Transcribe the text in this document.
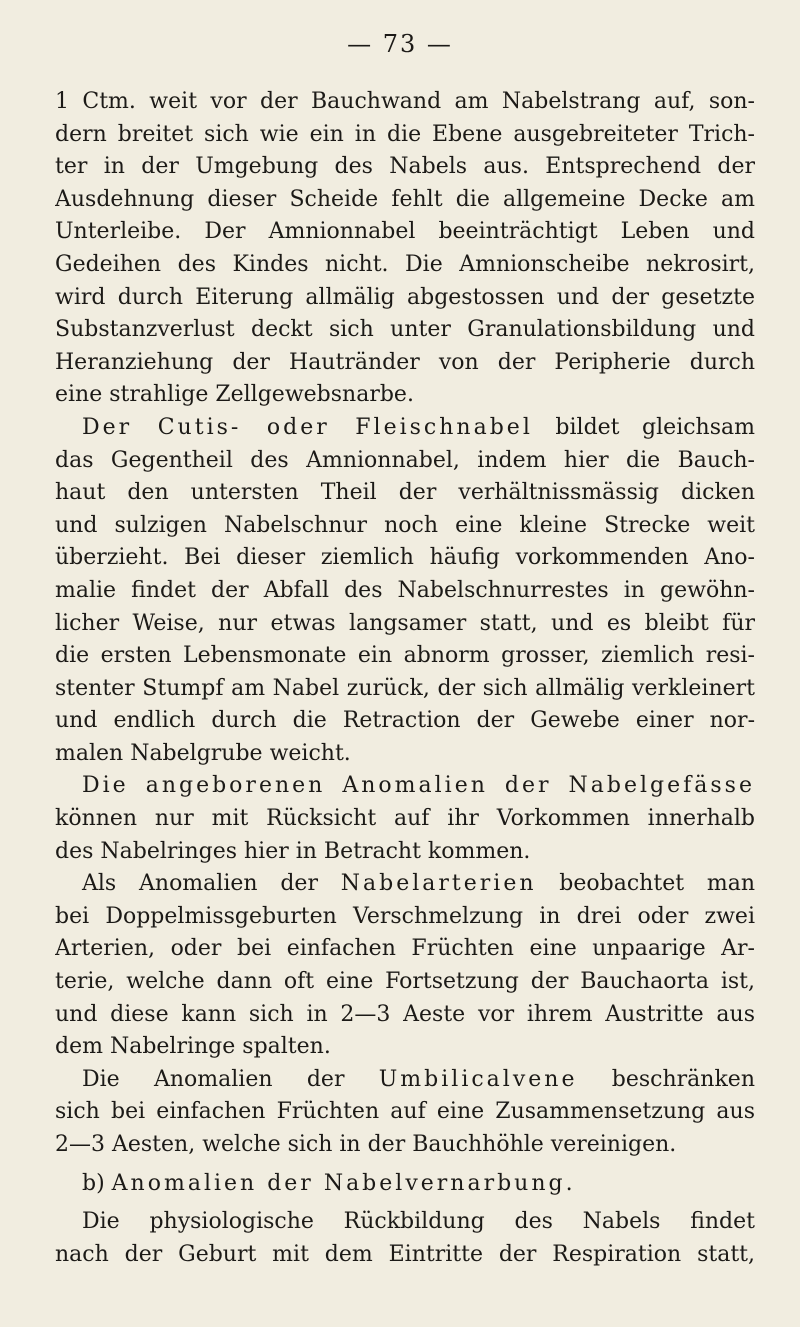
— 73 —
1 Ctm. weit vor der Bauchwand am Nabelstrang auf, son-
dern breitet sich wie ein in die Ebene ausgebreiteter Trich-
ter in der Umgebung des Nabels aus. Entsprechend der
Ausdehnung dieser Scheide fehlt die allgemeine Decke am
Unterleibe. Der Amnionnabel beeinträchtigt Leben und
Gedeihen des Kindes nicht. Die Amnionscheibe nekrosirt,
wird durch Eiterung allmälig abgestossen und der gesetzte
Substanzverlust deckt sich unter Granulationsbildung und
Heranziehung der Hautränder von der Peripherie durch
eine strahlige Zellgewebsnarbe.
Der Cutis- oder Fleischnabel bildet gleichsam
das Gegentheil des Amnionnabel, indem hier die Bauch-
haut den untersten Theil der verhältnissmässig dicken
und sulzigen Nabelschnur noch eine kleine Strecke weit
überzieht. Bei dieser ziemlich häufig vorkommenden Ano-
malie findet der Abfall des Nabelschnurrestes in gewöhn-
licher Weise, nur etwas langsamer statt, und es bleibt für
die ersten Lebensmonate ein abnorm grosser, ziemlich resi-
stenter Stumpf am Nabel zurück, der sich allmälig verkleinert
und endlich durch die Retraction der Gewebe einer nor-
malen Nabelgrube weicht.
Die angeborenen Anomalien der Nabelgefässe
können nur mit Rücksicht auf ihr Vorkommen innerhalb
des Nabelringes hier in Betracht kommen.
Als Anomalien der Nabelarterien beobachtet man
bei Doppelmissgeburten Verschmelzung in drei oder zwei
Arterien, oder bei einfachen Früchten eine unpaarige Ar-
terie, welche dann oft eine Fortsetzung der Bauchaorta ist,
und diese kann sich in 2—3 Aeste vor ihrem Austritte aus
dem Nabelringe spalten.
Die Anomalien der Umbilicalvene beschränken
sich bei einfachen Früchten auf eine Zusammensetzung aus
2—3 Aesten, welche sich in der Bauchhöhle vereinigen.
b) Anomalien der Nabelvernarbung.
Die physiologische Rückbildung des Nabels findet
nach der Geburt mit dem Eintritte der Respiration statt,
